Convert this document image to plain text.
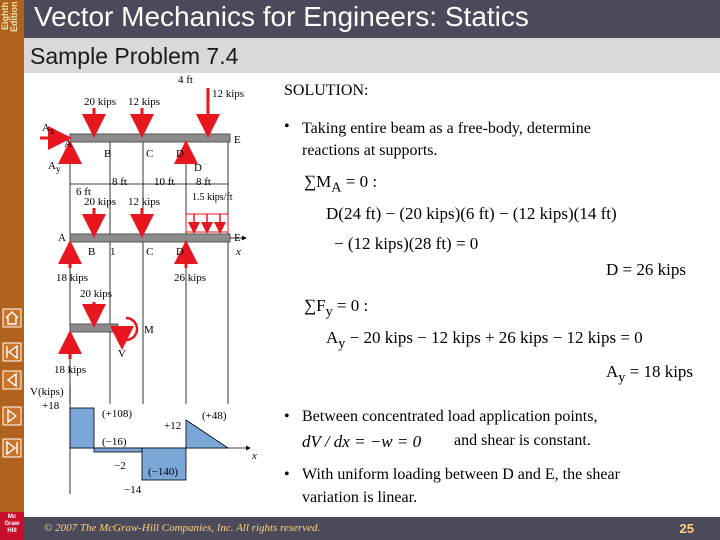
Eighth Edition
Mc Graw Hill
Vector Mechanics for Engineers: Statics
Sample Problem 7.4
4 ft
20 kips 12 kips
12 kips
$A_x$
A
B	C D
E
D
$A_y$
6 ft
8 ft 10 ft 8 ft
20 kips 12 kips	1.5 kips/ft
A
B 1	C D
E
x
18 kips	26 kips
20 kips
M
V
18 kips
V(kips)
+18
(+108)
(−16)
+12
(+48)
−2 (−140)
−14
x
SOLUTION:
• Taking entire beam as a free-body, determine reactions at supports.
$\sum M_A = 0$ :
D(24 ft) − (20 kips)(6 ft) − (12 kips)(14 ft)
− (12 kips)(28 ft) = 0
D = 26 kips
$\sum F_y = 0$ :
$A_y - 20$ kips − 12 kips + 26 kips − 12 kips = 0
$A_y = 18$ kips
• Between concentrated load application points,
dV / dx = −w = 0 and shear is constant.
• With uniform loading between D and E, the shear
variation is linear.
© 2007 The McGraw-Hill Companies, Inc. All rights reserved.	25
